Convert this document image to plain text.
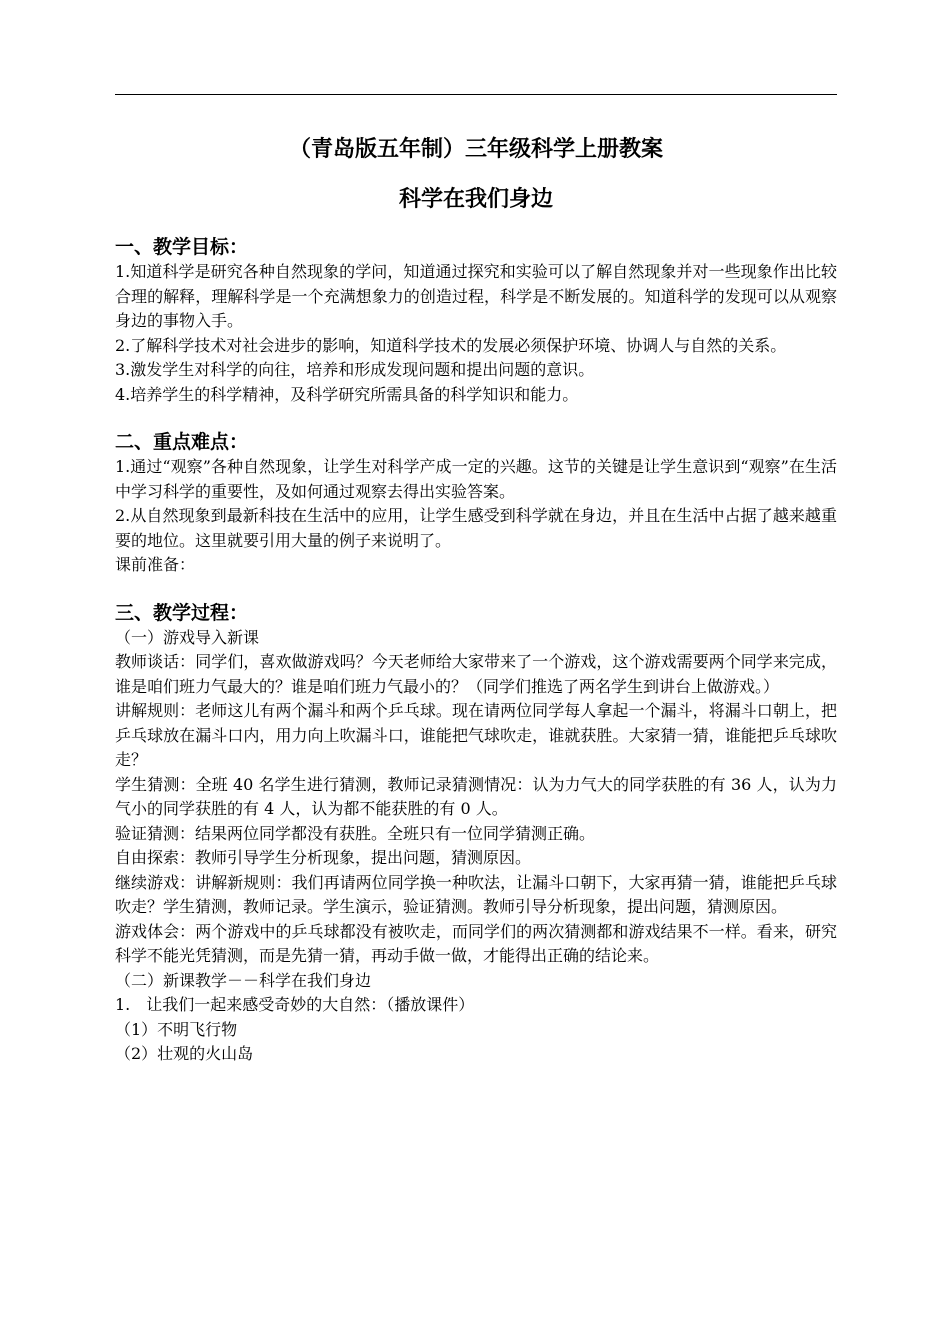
（青岛版五年制）三年级科学上册教案
科学在我们身边
一、教学目标：

1.知道科学是研究各种自然现象的学问，知道通过探究和实验可以了解自然现象并对一些现象作出比较合理的解释，理解科学是一个充满想象力的创造过程，科学是不断发展的。知道科学的发现可以从观察身边的事物入手。

2.了解科学技术对社会进步的影响，知道科学技术的发展必须保护环境、协调人与自然的关系。

3.激发学生对科学的向往，培养和形成发现问题和提出问题的意识。

4.培养学生的科学精神，及科学研究所需具备的科学知识和能力。

二、重点难点：

1.通过“观察”各种自然现象，让学生对科学产成一定的兴趣。这节的关键是让学生意识到“观察”在生活中学习科学的重要性，及如何通过观察去得出实验答案。

2.从自然现象到最新科技在生活中的应用，让学生感受到科学就在身边，并且在生活中占据了越来越重要的地位。这里就要引用大量的例子来说明了。

课前准备：

三、教学过程：

（一）游戏导入新课

教师谈话：同学们，喜欢做游戏吗？今天老师给大家带来了一个游戏，这个游戏需要两个同学来完成，谁是咱们班力气最大的？谁是咱们班力气最小的？（同学们推选了两名学生到讲台上做游戏。）

讲解规则：老师这儿有两个漏斗和两个乒乓球。现在请两位同学每人拿起一个漏斗，将漏斗口朝上，把乒乓球放在漏斗口内，用力向上吹漏斗口，谁能把气球吹走，谁就获胜。大家猜一猜，谁能把乒乓球吹走？

学生猜测：全班 40 名学生进行猜测，教师记录猜测情况：认为力气大的同学获胜的有 36 人，认为力气小的同学获胜的有 4 人，认为都不能获胜的有 0 人。

验证猜测：结果两位同学都没有获胜。全班只有一位同学猜测正确。

自由探索：教师引导学生分析现象，提出问题，猜测原因。

继续游戏：讲解新规则：我们再请两位同学换一种吹法，让漏斗口朝下，大家再猜一猜，谁能把乒乓球吹走？学生猜测，教师记录。学生演示，验证猜测。教师引导分析现象，提出问题，猜测原因。

游戏体会：两个游戏中的乒乓球都没有被吹走，而同学们的两次猜测都和游戏结果不一样。看来，研究科学不能光凭猜测，而是先猜一猜，再动手做一做，才能得出正确的结论来。

（二）新课教学－－科学在我们身边

1.　让我们一起来感受奇妙的大自然：（播放课件）

（1）不明飞行物

（2）壮观的火山岛
